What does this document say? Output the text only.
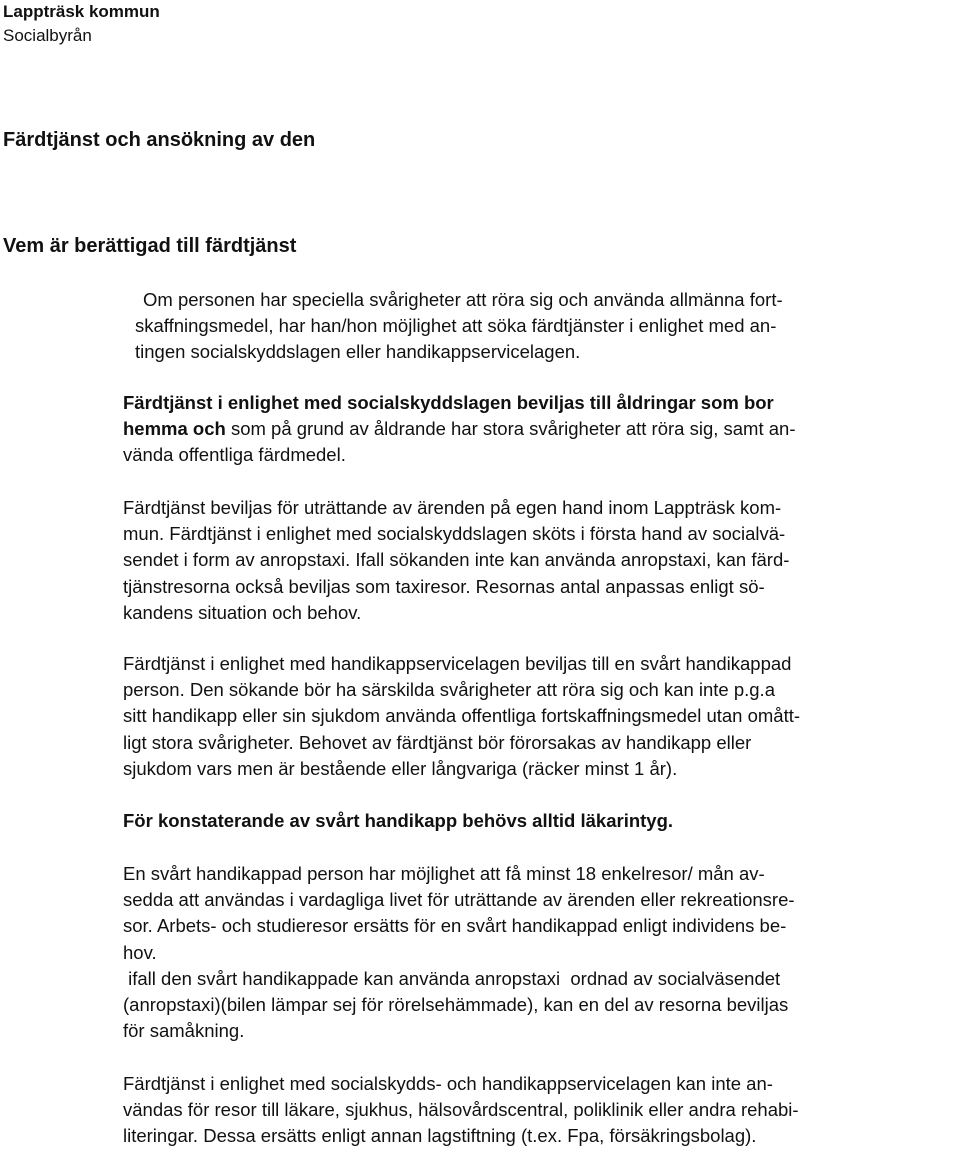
Lappträsk kommun
Socialbyrån
Färdtjänst och ansökning av den
Vem är berättigad till färdtjänst
Om personen har speciella svårigheter att röra sig och använda allmänna fort-
skaffningsmedel, har han/hon möjlighet att söka färdtjänster i enlighet med an-
tingen socialskyddslagen eller handikappservicelagen.
Färdtjänst i enlighet med socialskyddslagen beviljas till åldringar som bor
hemma och som på grund av åldrande har stora svårigheter att röra sig, samt an-
vända offentliga färdmedel.
Färdtjänst beviljas för uträttande av ärenden på egen hand inom Lappträsk kom-
mun. Färdtjänst i enlighet med socialskyddslagen sköts i första hand av socialvä-
sendet i form av anropstaxi. Ifall sökanden inte kan använda anropstaxi, kan färd-
tjänstresorna också beviljas som taxiresor. Resornas antal anpassas enligt sö-
kandens situation och behov.
Färdtjänst i enlighet med handikappservicelagen beviljas till en svårt handikappad
person. Den sökande bör ha särskilda svårigheter att röra sig och kan inte p.g.a
sitt handikapp eller sin sjukdom använda offentliga fortskaffningsmedel utan omått-
ligt stora svårigheter. Behovet av färdtjänst bör förorsakas av handikapp eller
sjukdom vars men är bestående eller långvariga (räcker minst 1 år).
För konstaterande av svårt handikapp behövs alltid läkarintyg.
En svårt handikappad person har möjlighet att få minst 18 enkelresor/ mån av-
sedda att användas i vardagliga livet för uträttande av ärenden eller rekreationsre-
sor. Arbets- och studieresor ersätts för en svårt handikappad enligt individens be-
hov.
ifall den svårt handikappade kan använda anropstaxi  ordnad av socialväsendet
(anropstaxi)(bilen lämpar sej för rörelsehämmade), kan en del av resorna beviljas
för samåkning.
Färdtjänst i enlighet med socialskydds- och handikappservicelagen kan inte an-
vändas för resor till läkare, sjukhus, hälsovårdscentral, poliklinik eller andra rehabi-
literingar. Dessa ersätts enligt annan lagstiftning (t.ex. Fpa, försäkringsbolag).
